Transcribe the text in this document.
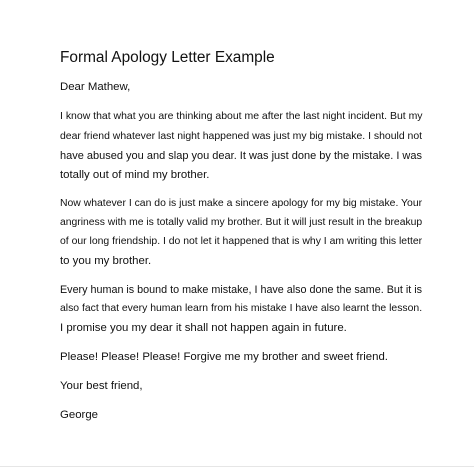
Formal Apology Letter Example

Dear Mathew,

I know that what you are thinking about me after the last night incident. But my

dear friend whatever last night happened was just my big mistake. I should not

have abused you and slap you dear. It was just done by the mistake. I was

totally out of mind my brother.

Now whatever I can do is just make a sincere apology for my big mistake. Your

angriness with me is totally valid my brother. But it will just result in the breakup

of our long friendship. I do not let it happened that is why I am writing this letter

to you my brother.

Every human is bound to make mistake, I have also done the same. But it is

also fact that every human learn from his mistake I have also learnt the lesson.

I promise you my dear it shall not happen again in future.

Please! Please! Please! Forgive me my brother and sweet friend.

Your best friend,

George
